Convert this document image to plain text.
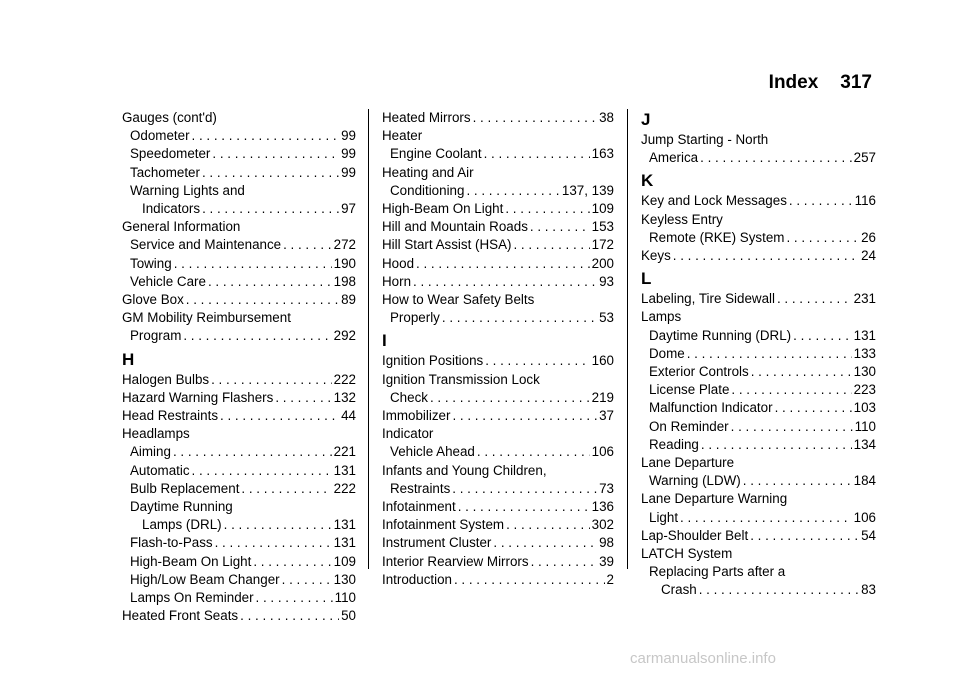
Index 317
Gauges (cont'd)
Odometer . . .	99
Speedometer . . .	99
Tachometer . . .	99
Warning Lights and
Indicators . . .	97
General Information
Service and Maintenance . . .	272
Towing . . .	190
Vehicle Care . . .	198
Glove Box . . .	89
GM Mobility Reimbursement
Program . . .	292
H
Halogen Bulbs . . .	222
Hazard Warning Flashers . . .	132
Head Restraints . . .	44
Headlamps
Aiming . . .	221
Automatic . . .	131
Bulb Replacement . . .	222
Daytime Running
Lamps (DRL) . . .	131
Flash-to-Pass . . .	131
High-Beam On Light . . .	109
High/Low Beam Changer . . .	130
Lamps On Reminder . . .	110
Heated Front Seats . . .	50
Heated Mirrors . . .	38
Heater
Engine Coolant . . .	163
Heating and Air
Conditioning . . .	137, 139
High-Beam On Light . . .	109
Hill and Mountain Roads . . .	153
Hill Start Assist (HSA) . . .	172
Hood . . .	200
Horn . . .	93
How to Wear Safety Belts
Properly . . .	53
I
Ignition Positions . . .	160
Ignition Transmission Lock
Check . . .	219
Immobilizer . . .	37
Indicator
Vehicle Ahead . . .	106
Infants and Young Children,
Restraints . . .	73
Infotainment . . .	136
Infotainment System . . .	302
Instrument Cluster . . .	98
Interior Rearview Mirrors . . .	39
Introduction . . .	2
J
Jump Starting - North
America . . .	257
K
Key and Lock Messages . . .	116
Keyless Entry
Remote (RKE) System . . .	26
Keys . . .	24
L
Labeling, Tire Sidewall . . .	231
Lamps
Daytime Running (DRL) . . .	131
Dome . . .	133
Exterior Controls . . .	130
License Plate . . .	223
Malfunction Indicator . . .	103
On Reminder . . .	110
Reading . . .	134
Lane Departure
Warning (LDW) . . .	184
Lane Departure Warning
Light . . .	106
Lap-Shoulder Belt . . .	54
LATCH System
Replacing Parts after a
Crash . . .	83
carmanualsonline.info
